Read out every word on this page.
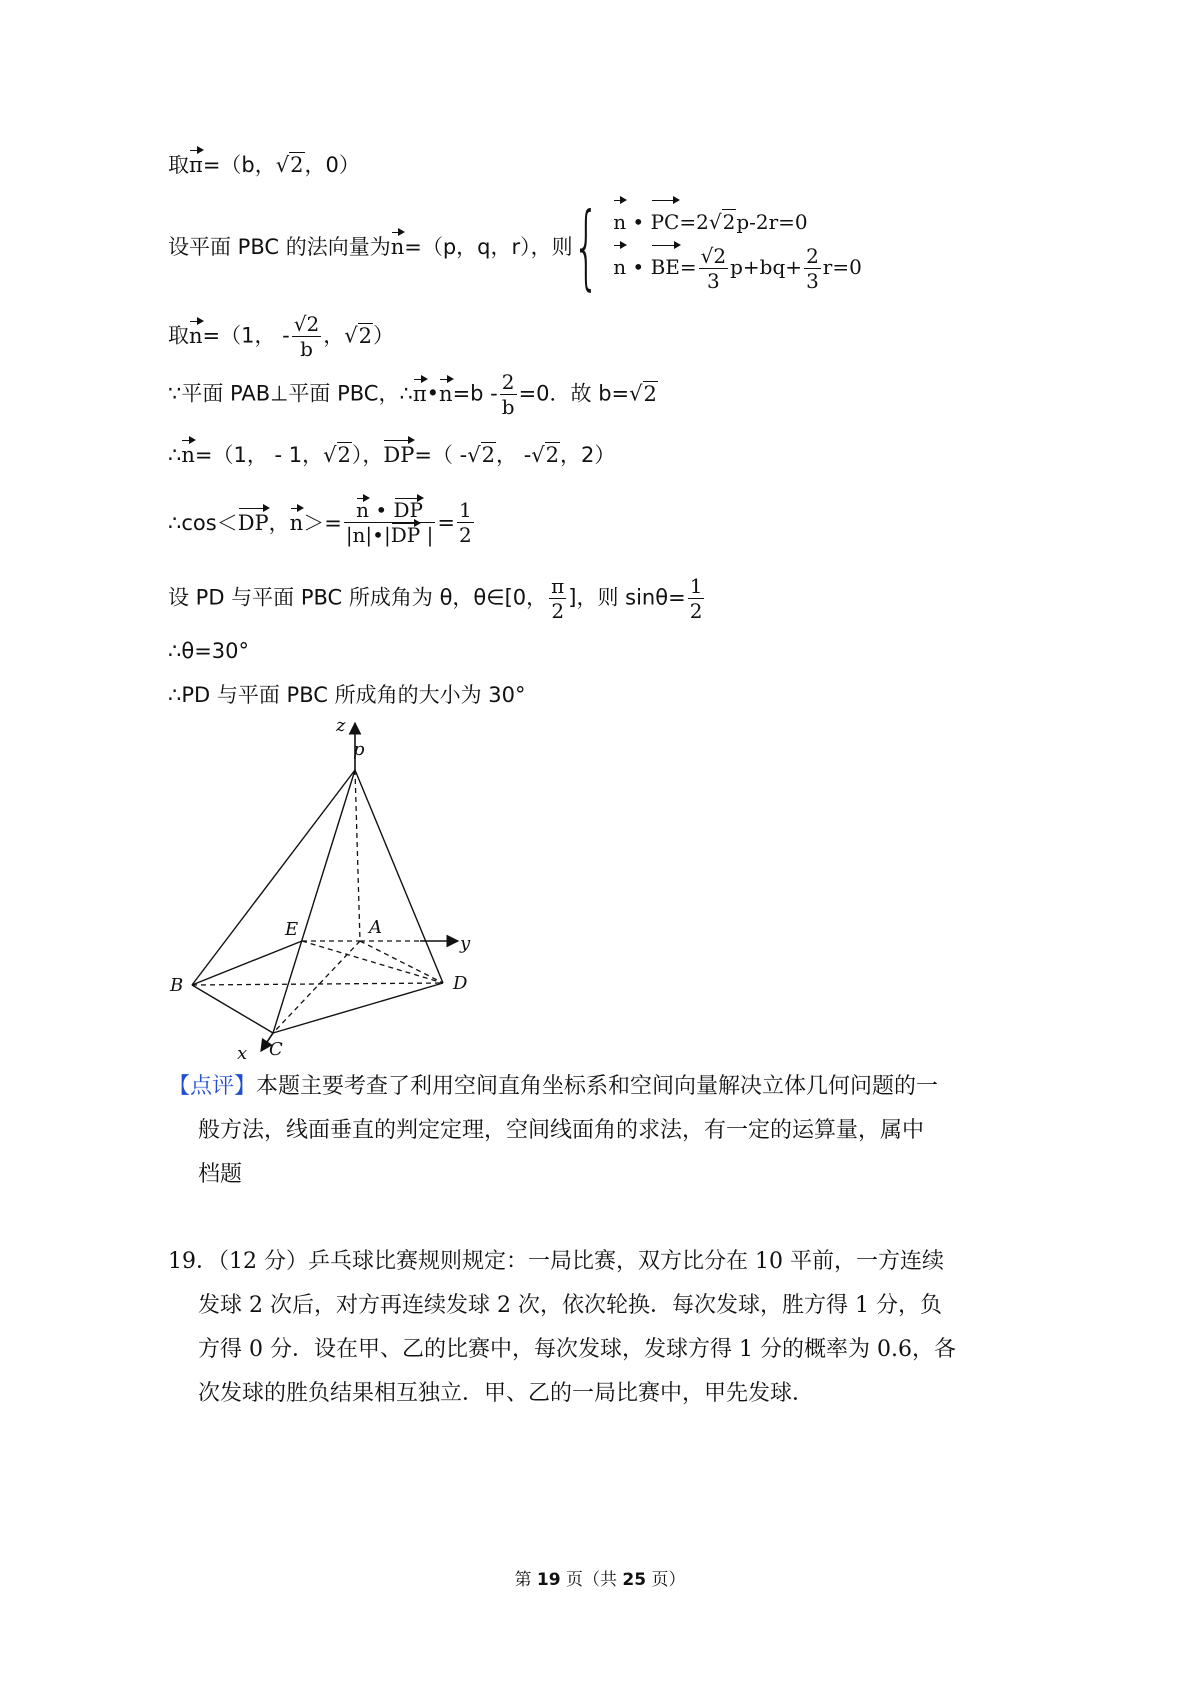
取π=（b，√2，0）
设平面 PBC 的法向量为n=（p，q，r），则{ n • PC=2√2p-2r=0
n • $BE= \frac{√2}{3} p+bq+ \frac{2}{3} r=0$
取n=（1， - $\frac{√2}{b}$ ，√2）
∵平面 PAB⊥平面 PBC，∴π•n=b - $\frac{2}{b} =0$．故 b=√2
∴n=（1， - 1，√2），DP=（ -√2， -√2，2）
∴cos＜DP，$n>= \frac{n • DP}{|n|•|DP |} = \frac{1}{2}$
设 PD 与平面 PBC 所成角为 θ，θ∈[0， $\frac{\pi}{2}$ ]，则 $\sin\theta= \frac{1}{2}$
∴θ=30°
∴PD 与平面 PBC 所成角的大小为 30°
z
p
E	A
y
B	D
x C
【点评】本题主要考查了利用空间直角坐标系和空间向量解决立体几何问题的一
般方法，线面垂直的判定定理，空间线面角的求法，有一定的运算量，属中
档题
19．（12 分）乒乓球比赛规则规定：一局比赛，双方比分在 10 平前，一方连续
发球 2 次后，对方再连续发球 2 次，依次轮换．每次发球，胜方得 1 分，负
方得 0 分．设在甲、乙的比赛中，每次发球，发球方得 1 分的概率为 0.6，各
次发球的胜负结果相互独立．甲、乙的一局比赛中，甲先发球．
第 19 页（共 25 页）
